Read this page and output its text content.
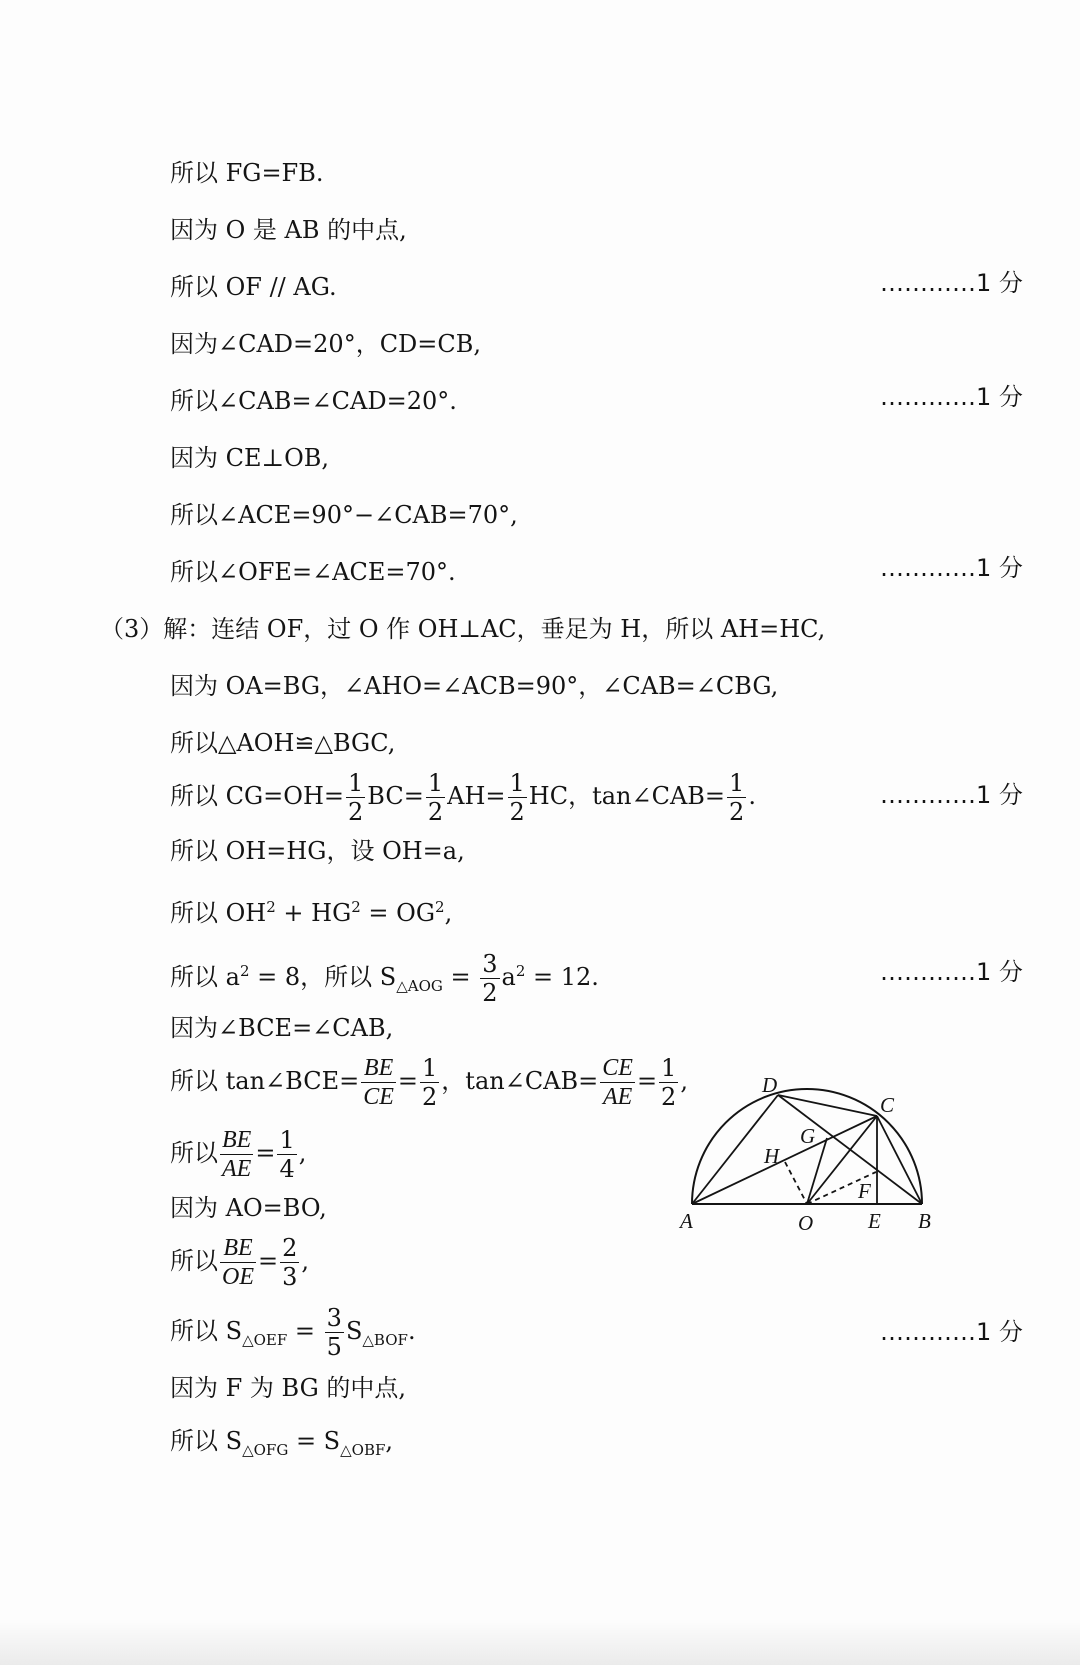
所以 FG=FB.
因为 O 是 AB 的中点,
所以 OF // AG.	…………1 分
因为∠CAD=20°，CD=CB,
所以∠CAB=∠CAD=20°.	…………1 分
因为 CE⊥OB,
所以∠ACE=90°−∠CAB=70°,
所以∠OFE=∠ACE=70°.	…………1 分
（3）解：连结 OF，过 O 作 OH⊥AC，垂足为 H，所以 AH=HC,
因为 OA=BG，∠AHO=∠ACB=90°，∠CAB=∠CBG,
所以△AOH≌△BGC,
所以 $CG=OH= \frac{1}{2} BC= \frac{1}{2} AH= \frac{1}{2}$ HC，tan∠CAB= $\frac{1}{2}$ .	…………1 分
所以 OH=HG，设 OH=a,
所以 $OH^2 + HG^2 = OG^2$,
所以 $a^2 = 8$，所以 $S_{\triangle AOG} = \frac{3}{2} a^2 = 12$.	…………1 分
因为∠BCE=∠CAB,
所以 tan∠BCE= $\frac{BE}{CE} = \frac{1}{2}$ ，tan∠CAB= $\frac{CE}{AE} = \frac{1}{2}$ ,
所以 $\frac{BE}{AE} = \frac{1}{4}$ ,
因为 AO=BO,
所以 $\frac{BE}{OE} = \frac{2}{3}$ ,
所以 $S_{\triangle OEF} = \frac{3}{5} S_{\triangle BOF}$.	…………1 分
因为 F 为 BG 的中点,
所以 $S_{\triangle OFG} = S_{\triangle OBF}$,
A	O	E B
C
D
G
H
F
